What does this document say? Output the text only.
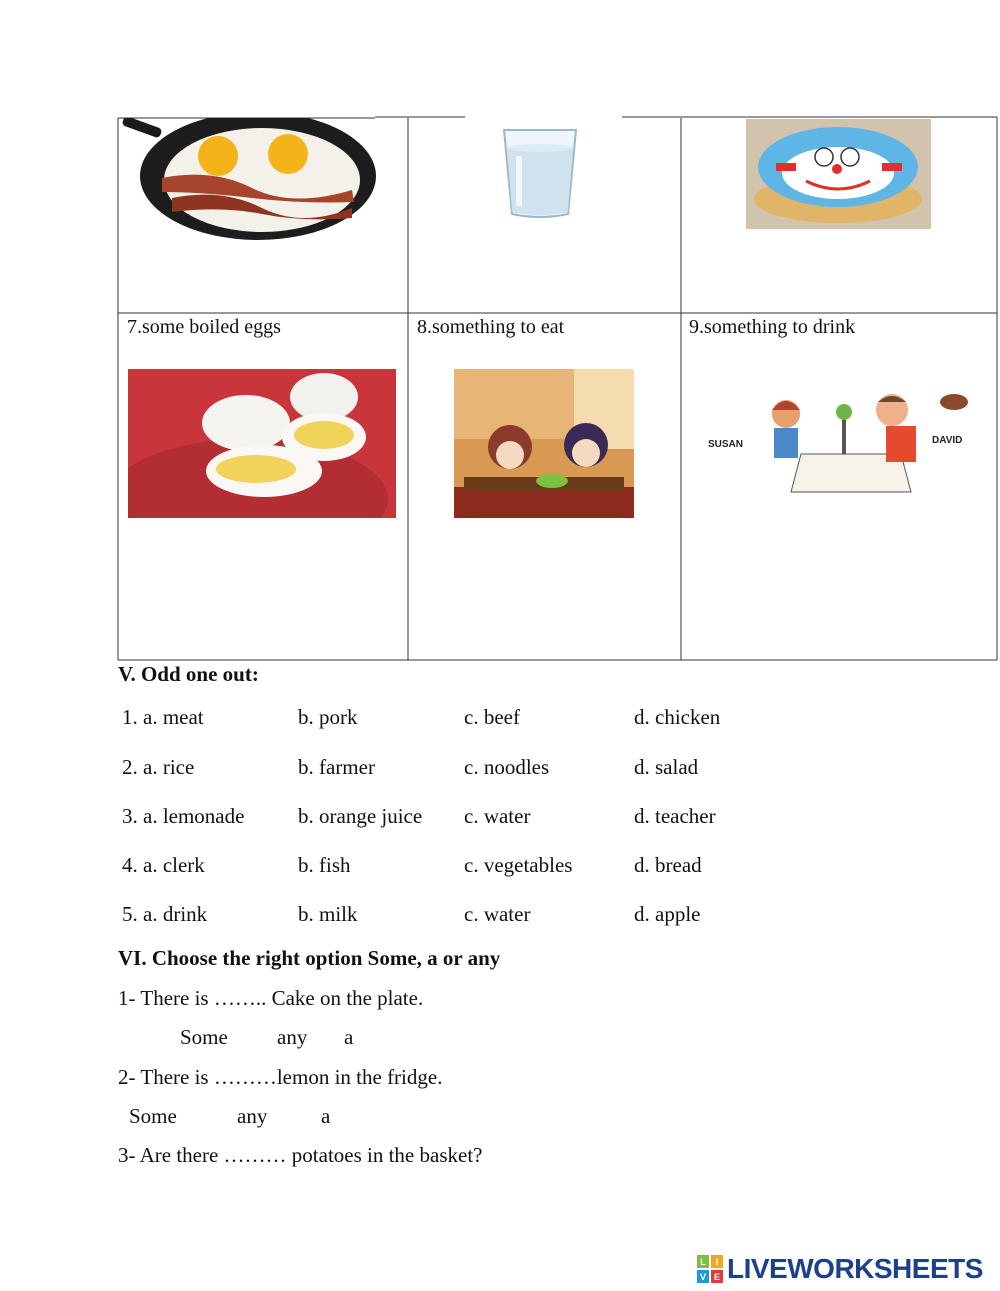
7.some boiled eggs	8.something to eat	9.something to drink
SUSAN	DAVID
V. Odd one out:
1. a. meat	b. pork	c. beef	d. chicken
2. a. rice	b. farmer	c. noodles	d. salad
3. a. lemonade	b. orange juice c. water	d. teacher
4. a. clerk	b. fish	c. vegetables	d. bread
5. a. drink	b. milk	c. water	d. apple
VI. Choose the right option Some, a or any
1- There is …….. Cake on the plate.
Some any a
2- There is ………lemon in the fridge.
Some	any	a
3- Are there ……… potatoes in the basket?
L I
V E LIVEWORKSHEETS
